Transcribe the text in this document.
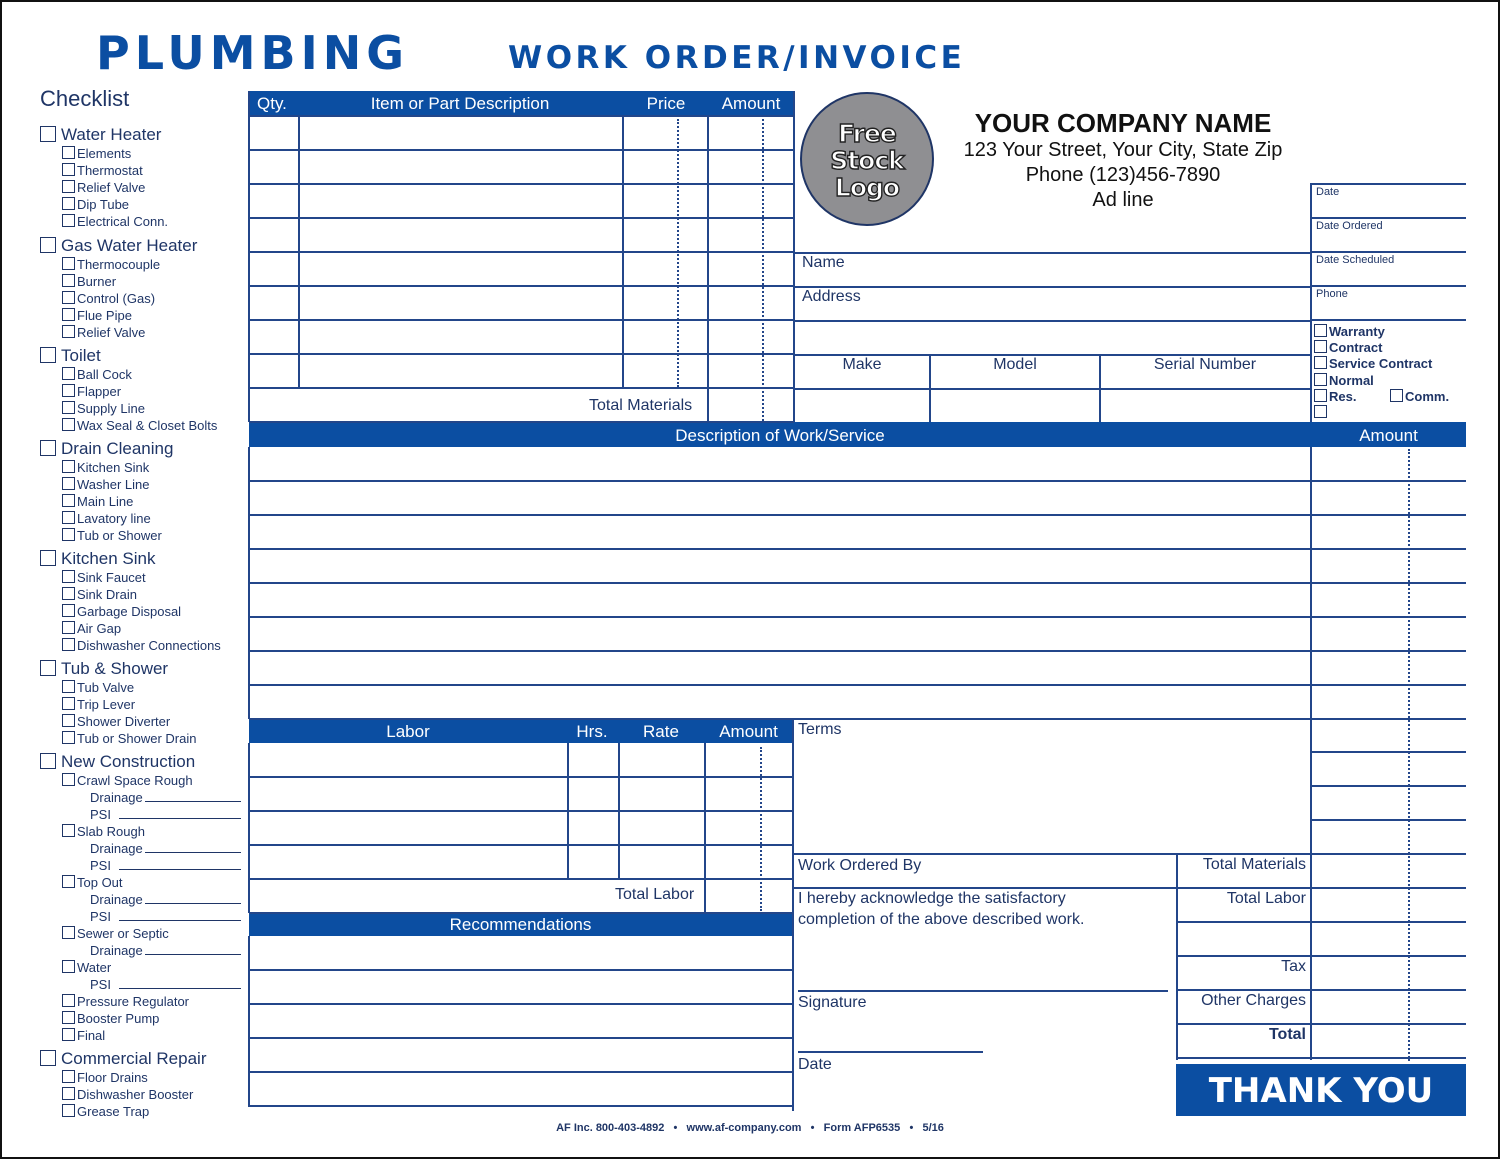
PLUMBING	WORK ORDER/INVOICE
Checklist	Qty.	Item or Part Description	Price	Amount
Total Materials
Free
Stock
Logo
YOUR COMPANY NAME
123 Your Street, Your City, State Zip
Phone (123)456-7890
Ad line	Date
Date Ordered
Date Scheduled
Phone
Warranty
Contract
Service Contract
Normal
Res.	Comm.
Name
Address
Make	Model	Serial Number
Description of Work/Service	Amount
Labor	Hrs.	Rate	Amount
Total Labor
Recommendations
Terms
Work Ordered By
I hereby acknowledge the satisfactory
completion of the above described work.
Signature
Date
THANK YOU
AF Inc. 800-403-4892 • www.af-company.com • Form AFP6535 • 5/16
Water Heater
Elements
Thermostat
Relief Valve
Dip Tube
Electrical Conn.
Gas Water Heater
Thermocouple
Burner
Control (Gas)
Flue Pipe
Relief Valve
Toilet
Ball Cock
Flapper
Supply Line
Wax Seal & Closet Bolts
Drain Cleaning
Kitchen Sink
Washer Line
Main Line
Lavatory line
Tub or Shower
Kitchen Sink
Sink Faucet
Sink Drain
Garbage Disposal
Air Gap
Dishwasher Connections
Tub & Shower
Tub Valve
Trip Lever
Shower Diverter
Tub or Shower Drain
New Construction
Crawl Space Rough
Drainage
PSI
Slab Rough
Drainage
PSI
Top Out
Drainage
PSI
Sewer or Septic
Drainage
Water
PSI
Pressure Regulator
Booster Pump
Final
Commercial Repair
Floor Drains
Dishwasher Booster
Grease Trap
Total Materials
Total Labor
Tax
Other Charges
Total
